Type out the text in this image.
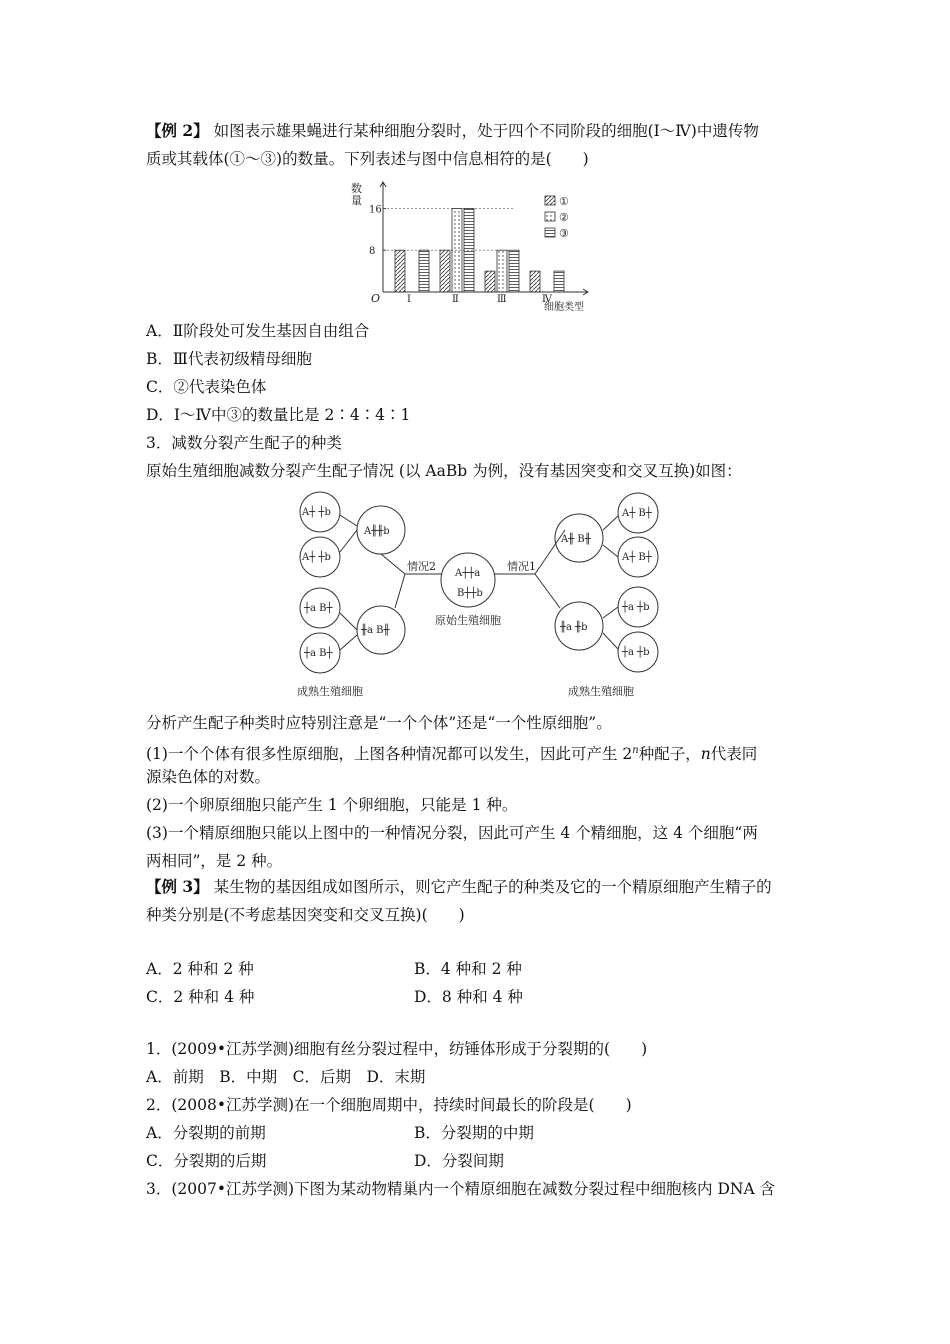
【例 2】 如图表示雄果蝇进行某种细胞分裂时，处于四个不同阶段的细胞(Ⅰ～Ⅳ)中遗传物
质或其载体(①～③)的数量。下列表述与图中信息相符的是(　　)
数
量
O
8
16
Ⅰ	Ⅱ	Ⅲ	Ⅳ
细胞类型
①
②
③
A．Ⅱ阶段处可发生基因自由组合
B．Ⅲ代表初级精母细胞
C．②代表染色体
D．Ⅰ～Ⅳ中③的数量比是 2∶4∶4∶1
3．减数分裂产生配子的种类
原始生殖细胞减数分裂产生配子情况 (以 AaBb 为例，没有基因突变和交叉互换)如图：
A┼┼a
B┼┼b
A╫╫b
╫a B╫
A┼ ┼b
A┼ ┼b
┼a B┼
┼a B┼
A╫ B╫
╫a ╫b
A┼ B┼
A┼ B┼
┼a ┼b
┼a ┼b
情况2	情况1
原始生殖细胞
成熟生殖细胞	成熟生殖细胞
分析产生配子种类时应特别注意是“一个个体”还是“一个性原细胞”。
(1)一个个体有很多性原细胞，上图各种情况都可以发生，因此可产生 2$^n$种配子，n代表同
源染色体的对数。
(2)一个卵原细胞只能产生 1 个卵细胞，只能是 1 种。
(3)一个精原细胞只能以上图中的一种情况分裂，因此可产生 4 个精细胞，这 4 个细胞“两
两相同”，是 2 种。
【例 3】 某生物的基因组成如图所示，则它产生配子的种类及它的一个精原细胞产生精子的
种类分别是(不考虑基因突变和交叉互换)(　　)
A．2 种和 2 种	B．4 种和 2 种
C．2 种和 4 种	D．8 种和 4 种
1．(2009•江苏学测)细胞有丝分裂过程中，纺锤体形成于分裂期的(　　)
A．前期　B．中期　C．后期　D．末期
2．(2008•江苏学测)在一个细胞周期中，持续时间最长的阶段是(　　)
A．分裂期的前期	B．分裂期的中期
C．分裂期的后期	D．分裂间期
3．(2007•江苏学测)下图为某动物精巢内一个精原细胞在减数分裂过程中细胞核内 DNA 含
